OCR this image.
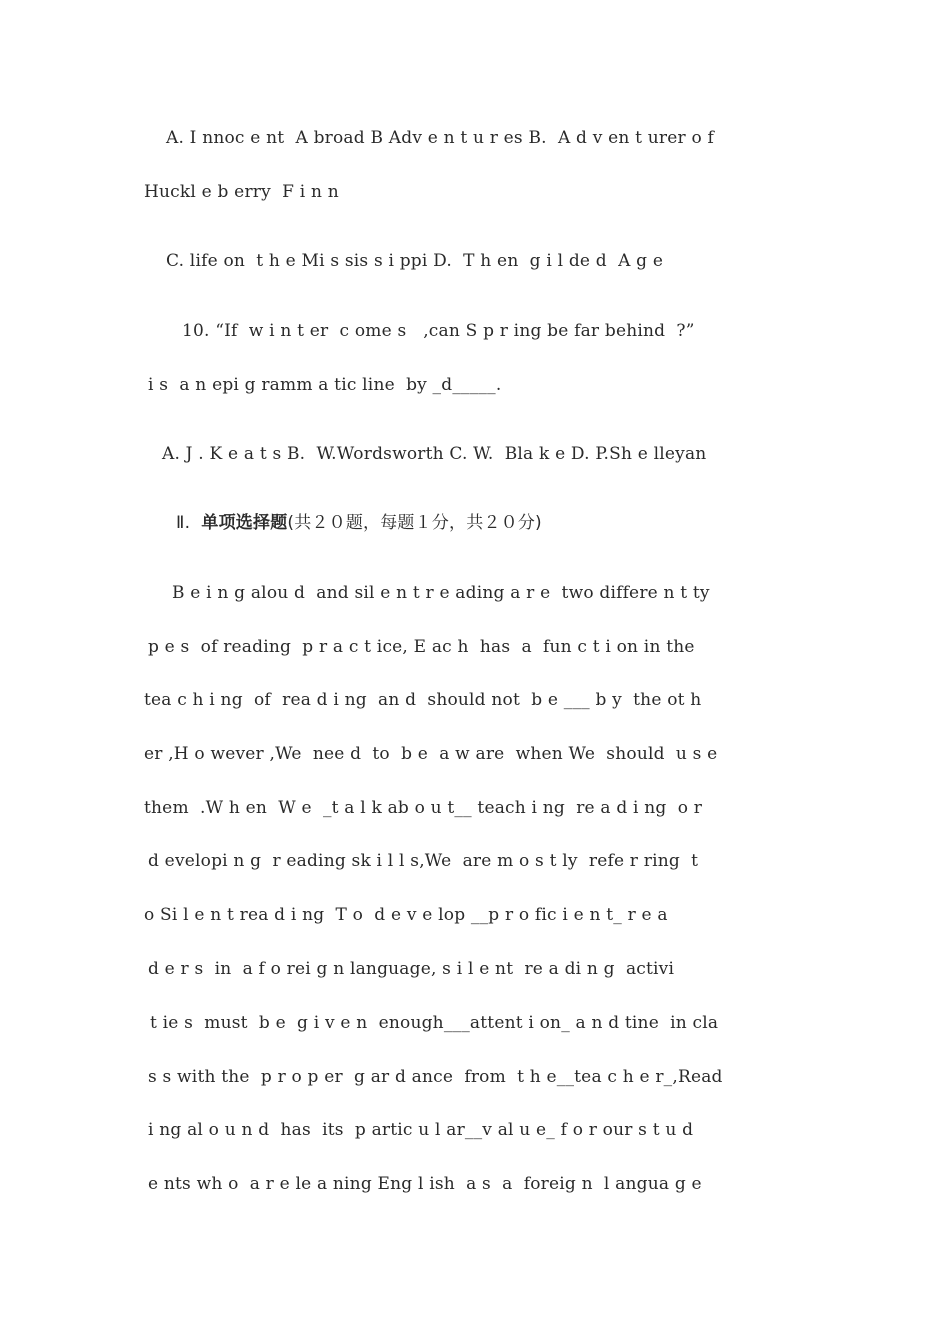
A. I nnoc e nt  A broad B Adv e n t u r es B.  A d v en t urer o f
Huckl e b erry  F i n n
C. life on  t h e Mi s sis s i ppi D.  T h en  g i l de d  A g e
10. “If  w i n t er  c ome s   ,can S p r ing be far behind  ?”
i s  a n epi g ramm a tic line  by _d_____.
A. J . K e a t s B.  W.Wordsworth C. W.  Bla k e D. P.Sh e lleyan
Ⅱ. 单项选择题(共２０题，每题１分，共２０分)
B e i n g alou d  and sil e n t r e ading a r e  two differe n t ty
p e s  of reading  p r a c t ice, E ac h  has  a  fun c t i on in the
tea c h i ng  of  rea d i ng  an d  should not  b e ___ b y  the ot h
er ,H o wever ,We  nee d  to  b e  a w are  when We  should  u s e
them  .W h en  W e  _t a l k ab o u t__ teach i ng  re a d i ng  o r
d evelopi n g  r eading sk i l l s,We  are m o s t ly  refe r ring  t
o Si l e n t rea d i ng  T o  d e v e lop __p r o fic i e n t_ r e a
d e r s  in  a f o rei g n language, s i l e nt  re a di n g  activi
t ie s  must  b e  g i v e n  enough___attent i on_ a n d tine  in cla
s s with the  p r o p er  g ar d ance  from  t h e__tea c h e r_,Read
i ng al o u n d  has  its  p artic u l ar__v al u e_ f o r our s t u d
e nts wh o  a r e le a ning Eng l ish  a s  a  foreig n  l angua g e
